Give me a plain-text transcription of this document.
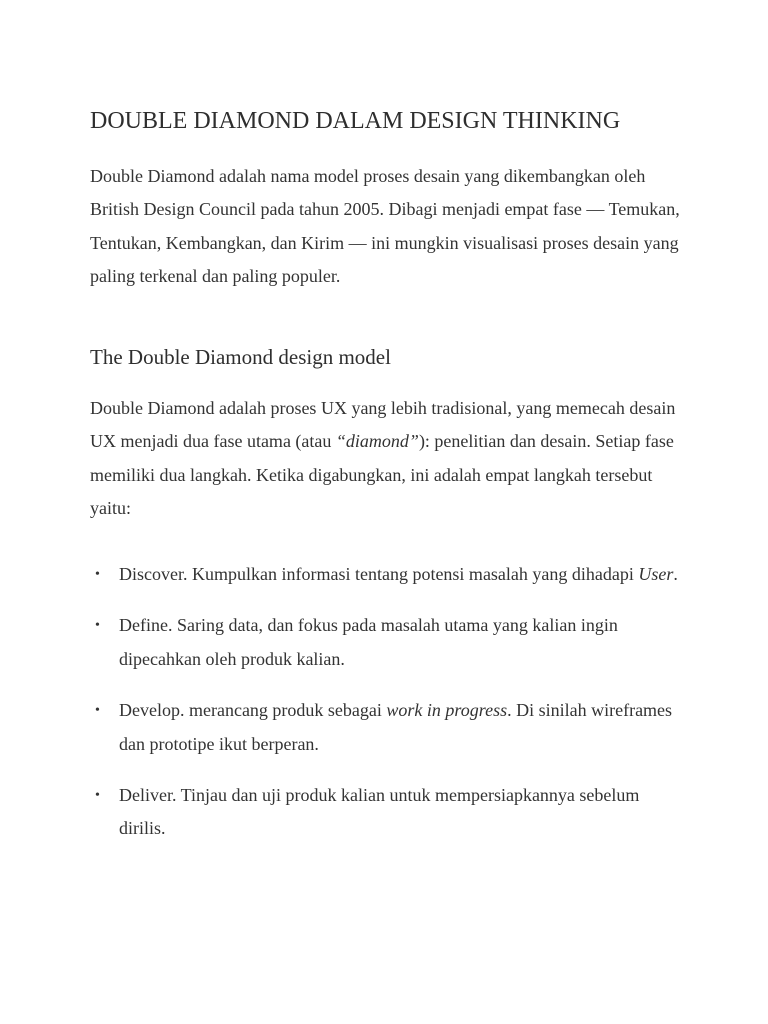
DOUBLE DIAMOND DALAM DESIGN THINKING

Double Diamond adalah nama model proses desain yang dikembangkan oleh British Design Council pada tahun 2005. Dibagi menjadi empat fase — Temukan, Tentukan, Kembangkan, dan Kirim — ini mungkin visualisasi proses desain yang paling terkenal dan paling populer.

The Double Diamond design model

Double Diamond adalah proses UX yang lebih tradisional, yang memecah desain UX menjadi dua fase utama (atau “diamond”): penelitian dan desain. Setiap fase memiliki dua langkah. Ketika digabungkan, ini adalah empat langkah tersebut yaitu:

• Discover. Kumpulkan informasi tentang potensi masalah yang dihadapi User.
• Define. Saring data, dan fokus pada masalah utama yang kalian ingin dipecahkan oleh produk kalian.
• Develop. merancang produk sebagai work in progress. Di sinilah wireframes dan prototipe ikut berperan.
• Deliver. Tinjau dan uji produk kalian untuk mempersiapkannya sebelum dirilis.
